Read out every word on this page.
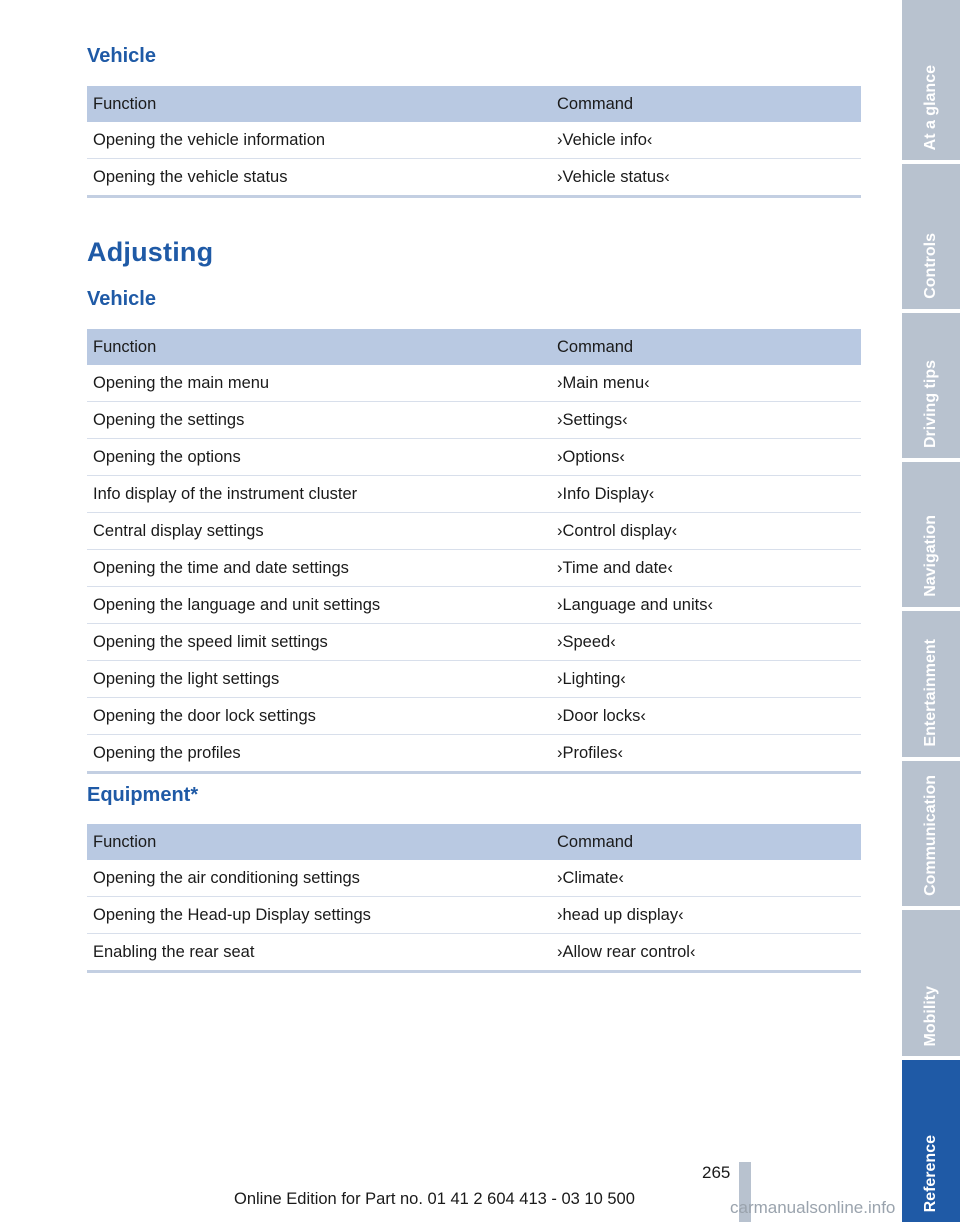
Vehicle
Function	Command
Opening the vehicle information	›Vehicle info‹
Opening the vehicle status	›Vehicle status‹
Adjusting
Vehicle
Function	Command
Opening the main menu	›Main menu‹
Opening the settings	›Settings‹
Opening the options	›Options‹
Info display of the instrument cluster	›Info Display‹
Central display settings	›Control display‹
Opening the time and date settings	›Time and date‹
Opening the language and unit settings	›Language and units‹
Opening the speed limit settings	›Speed‹
Opening the light settings	›Lighting‹
Opening the door lock settings	›Door locks‹
Opening the profiles	›Profiles‹
Equipment*
Function	Command
Opening the air conditioning settings	›Climate‹
Opening the Head-up Display settings	›head up display‹
Enabling the rear seat	›Allow rear control‹
At a glance
Controls
Driving tips
Navigation
Entertainment
Communication
Mobility
Reference
265
Online Edition for Part no. 01 41 2 604 413 - 03 10 500	carmanualsonline.info
